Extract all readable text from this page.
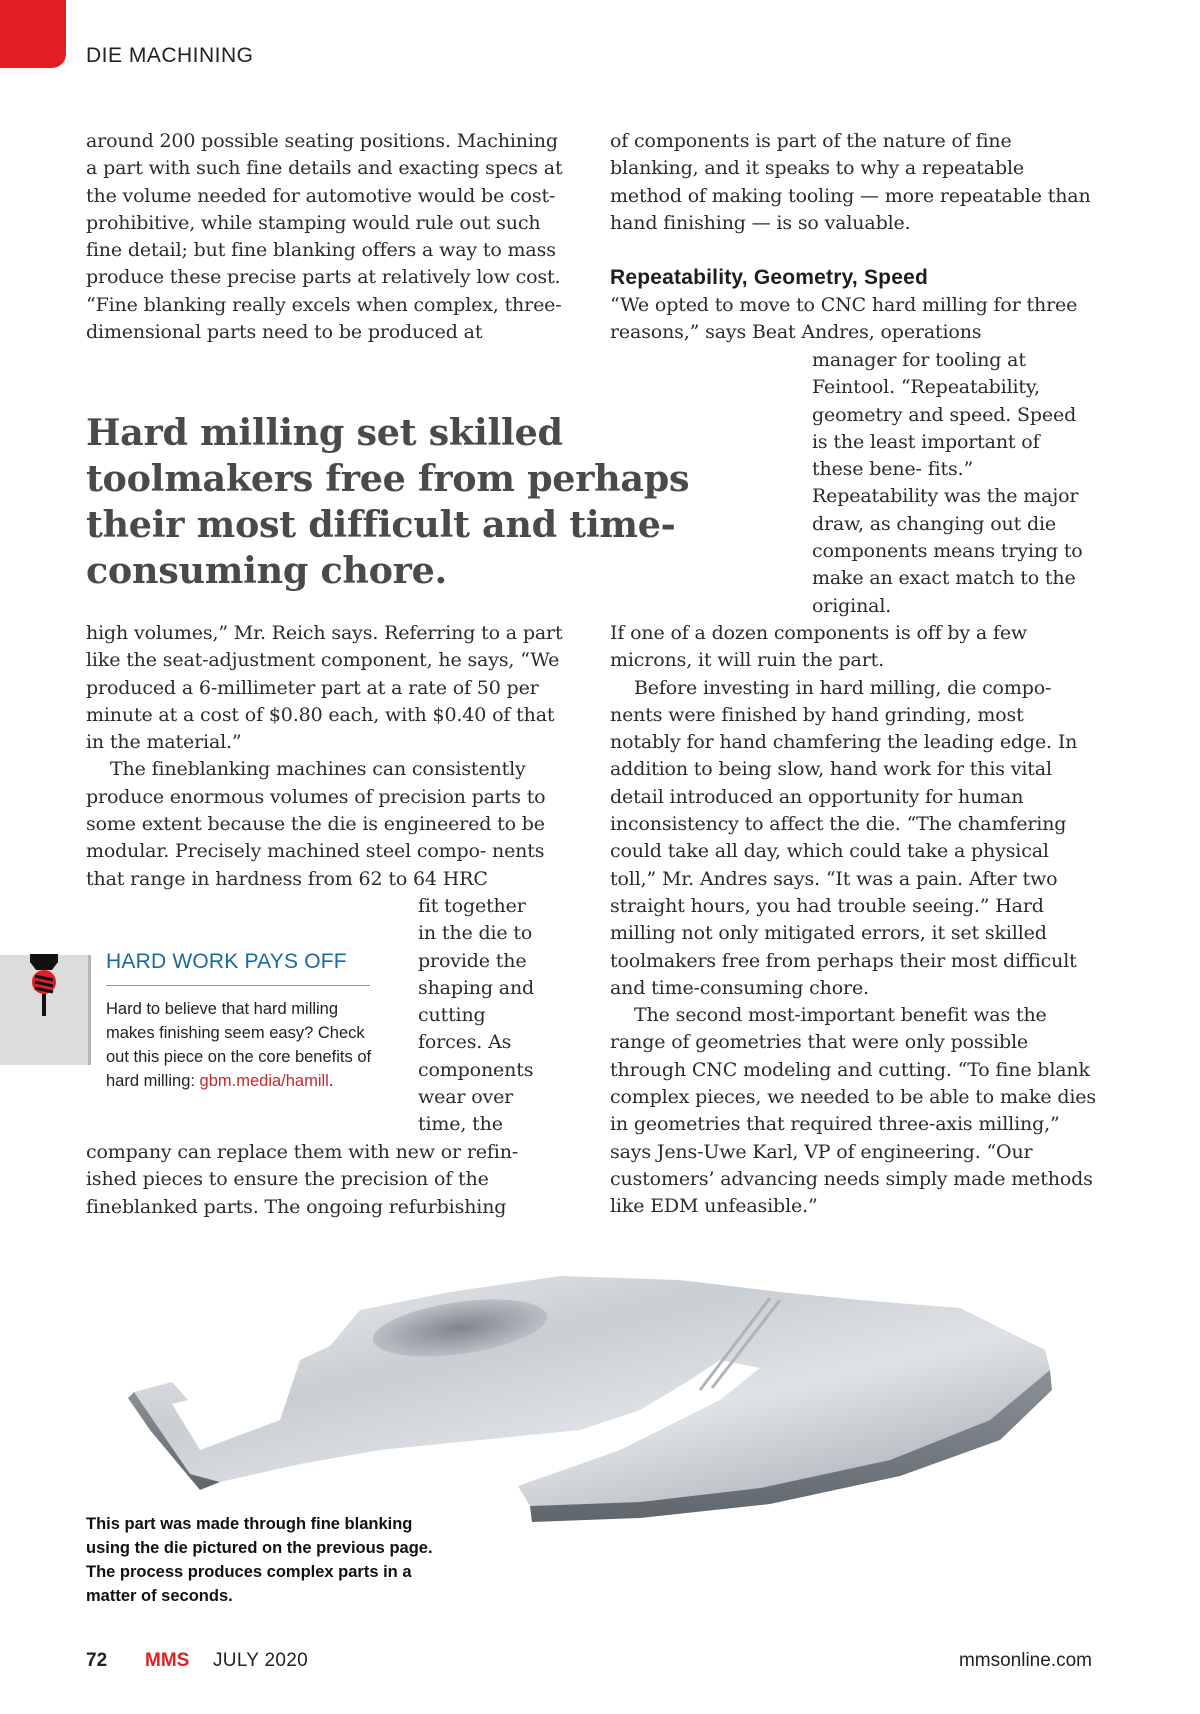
DIE MACHINING

around 200 possible seating positions. Machining a part with such fine details and exacting specs at the volume needed for automotive would be cost-prohibitive, while stamping would rule out such fine detail; but fine blanking offers a way to mass produce these precise parts at relatively low cost. “Fine blanking really excels when complex, three-dimensional parts need to be produced at

Hard milling set skilled toolmakers free from perhaps their most difficult and time-consuming chore.

high volumes,” Mr. Reich says. Referring to a part like the seat-adjustment component, he says, “We produced a 6-millimeter part at a rate of 50 per minute at a cost of $0.80 each, with $0.40 of that in the material.”

The fineblanking machines can consistently produce enormous volumes of precision parts to some extent because the die is engineered to be modular. Precisely machined steel compo- nents that range in hardness from 62 to 64 HRC

fit together in the die to provide the shaping and cutting forces. As components wear over time, the

company can replace them with new or refin- ished pieces to ensure the precision of the fineblanked parts. The ongoing refurbishing

HARD WORK PAYS OFF
Hard to believe that hard milling makes finishing seem easy? Check out this piece on the core benefits of hard milling: gbm.media/hamill.

of components is part of the nature of fine blanking, and it speaks to why a repeatable method of making tooling — more repeatable than hand finishing — is so valuable.

Repeatability, Geometry, Speed

“We opted to move to CNC hard milling for three reasons,” says Beat Andres, operations

manager for tooling at Feintool. “Repeatability, geometry and speed. Speed is the least important of these bene- fits.” Repeatability was the major draw, as changing out die components means trying to make an exact match to the original.

If one of a dozen components is off by a few microns, it will ruin the part.

Before investing in hard milling, die compo- nents were finished by hand grinding, most notably for hand chamfering the leading edge. In addition to being slow, hand work for this vital detail introduced an opportunity for human inconsistency to affect the die. “The chamfering could take all day, which could take a physical toll,” Mr. Andres says. “It was a pain. After two straight hours, you had trouble seeing.” Hard milling not only mitigated errors, it set skilled toolmakers free from perhaps their most difficult and time-consuming chore.

The second most-important benefit was the range of geometries that were only possible through CNC modeling and cutting. “To fine blank complex pieces, we needed to be able to make dies in geometries that required three-axis milling,” says Jens-Uwe Karl, VP of engineering. “Our customers’ advancing needs simply made methods like EDM unfeasible.”

This part was made through fine blanking using the die pictured on the previous page. The process produces complex parts in a matter of seconds.
72 MMS JULY 2020	mmsonline.com
